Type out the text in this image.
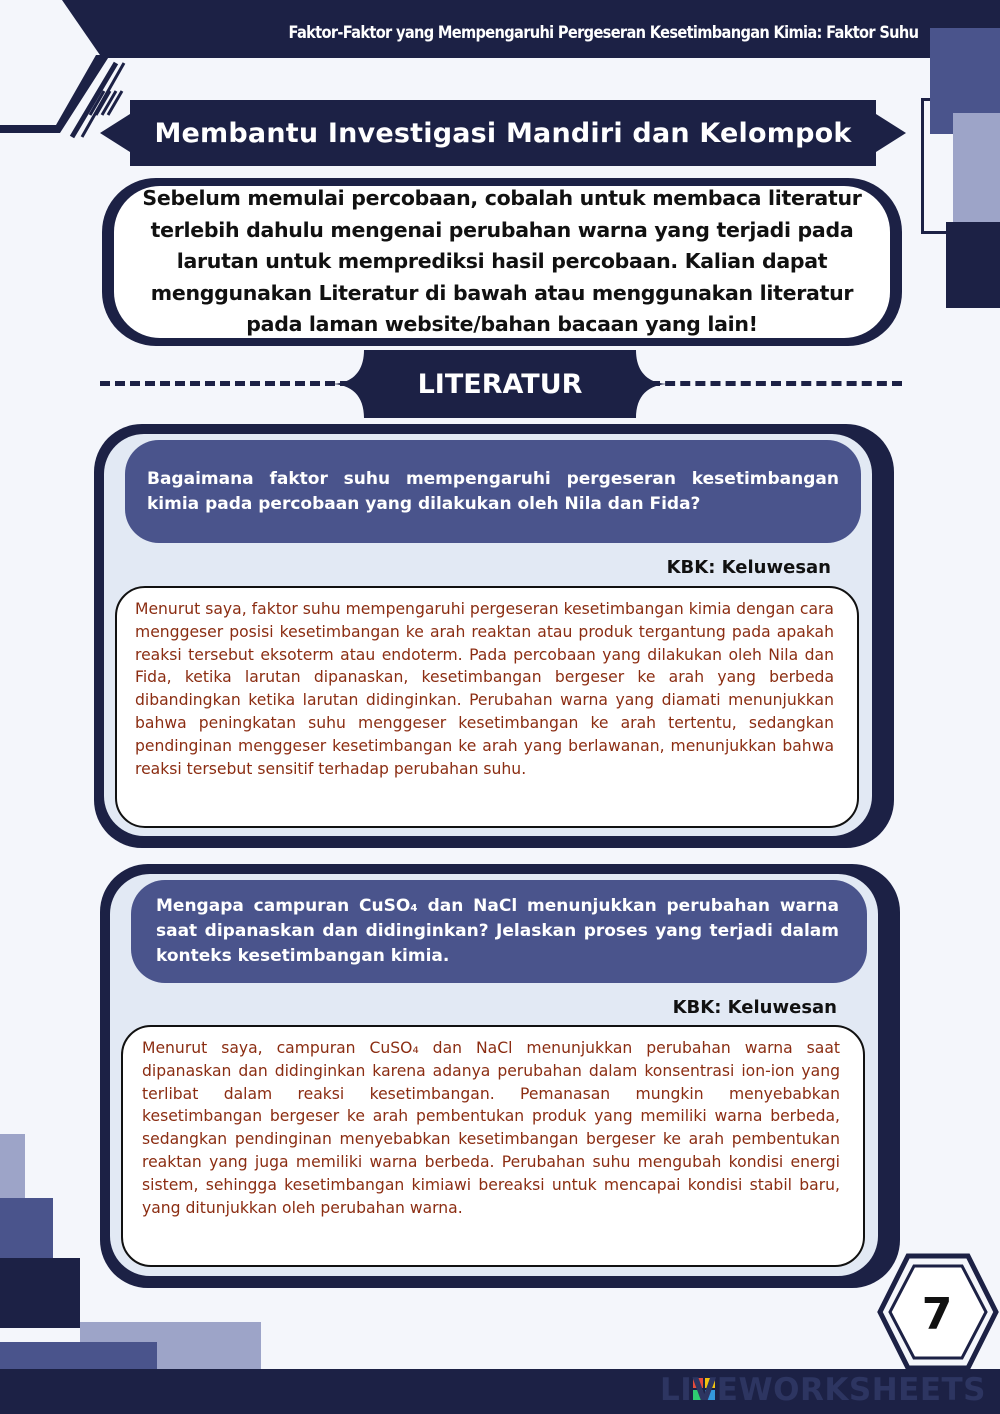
Faktor-Faktor yang Mempengaruhi Pergeseran Kesetimbangan Kimia: Faktor Suhu
Membantu Investigasi Mandiri dan Kelompok
Sebelum memulai percobaan, cobalah untuk membaca literatur terlebih dahulu mengenai perubahan warna yang terjadi pada larutan untuk memprediksi hasil percobaan. Kalian dapat menggunakan Literatur di bawah atau menggunakan literatur pada laman website/bahan bacaan yang lain!
LITERATUR
Bagaimana faktor suhu mempengaruhi pergeseran kesetimbangan kimia pada percobaan yang dilakukan oleh Nila dan Fida?
KBK: Keluwesan
Menurut saya, faktor suhu mempengaruhi pergeseran kesetimbangan kimia dengan cara menggeser posisi kesetimbangan ke arah reaktan atau produk tergantung pada apakah reaksi tersebut eksoterm atau endoterm. Pada percobaan yang dilakukan oleh Nila dan Fida, ketika larutan dipanaskan, kesetimbangan bergeser ke arah yang berbeda dibandingkan ketika larutan didinginkan. Perubahan warna yang diamati menunjukkan bahwa peningkatan suhu menggeser kesetimbangan ke arah tertentu, sedangkan pendinginan menggeser kesetimbangan ke arah yang berlawanan, menunjukkan bahwa reaksi tersebut sensitif terhadap perubahan suhu.
Mengapa campuran CuSO₄ dan NaCl menunjukkan perubahan warna saat dipanaskan dan didinginkan? Jelaskan proses yang terjadi dalam konteks kesetimbangan kimia.
KBK: Keluwesan
Menurut saya, campuran CuSO₄ dan NaCl menunjukkan perubahan warna saat dipanaskan dan didinginkan karena adanya perubahan dalam konsentrasi ion-ion yang terlibat dalam reaksi kesetimbangan. Pemanasan mungkin menyebabkan kesetimbangan bergeser ke arah pembentukan produk yang memiliki warna berbeda, sedangkan pendinginan menyebabkan kesetimbangan bergeser ke arah pembentukan reaktan yang juga memiliki warna berbeda. Perubahan suhu mengubah kondisi energi sistem, sehingga kesetimbangan kimiawi bereaksi untuk mencapai kondisi stabil baru, yang ditunjukkan oleh perubahan warna.
LIVEWORKSHEETS
7
